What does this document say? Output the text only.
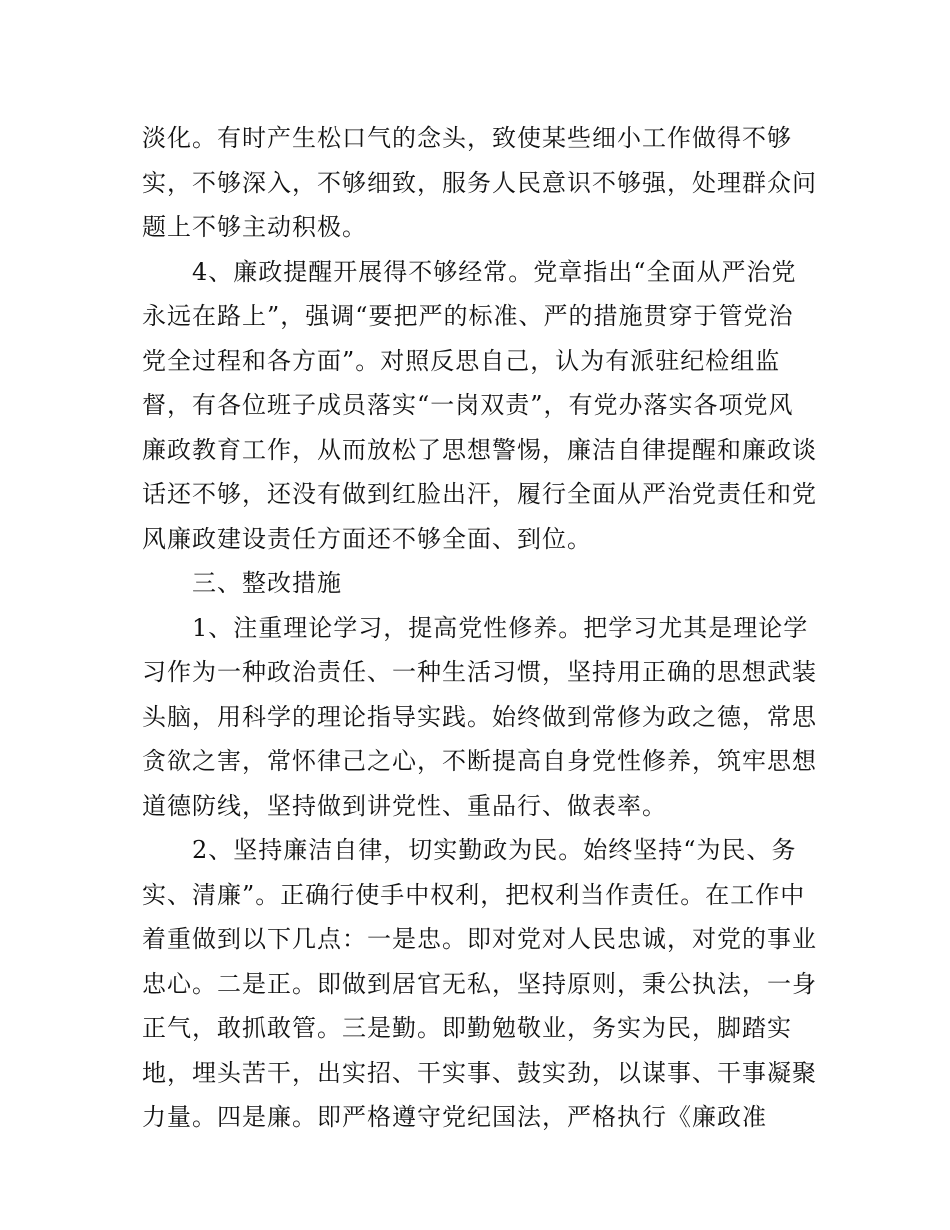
淡化。有时产生松口气的念头，致使某些细小工作做得不够
实，不够深入，不够细致，服务人民意识不够强，处理群众问
题上不够主动积极。
4、廉政提醒开展得不够经常。党章指出“全面从严治党
永远在路上”，强调“要把严的标准、严的措施贯穿于管党治
党全过程和各方面”。对照反思自己，认为有派驻纪检组监
督，有各位班子成员落实“一岗双责”，有党办落实各项党风
廉政教育工作，从而放松了思想警惕，廉洁自律提醒和廉政谈
话还不够，还没有做到红脸出汗，履行全面从严治党责任和党
风廉政建设责任方面还不够全面、到位。
三、整改措施
1、注重理论学习，提高党性修养。把学习尤其是理论学
习作为一种政治责任、一种生活习惯，坚持用正确的思想武装
头脑，用科学的理论指导实践。始终做到常修为政之德，常思
贪欲之害，常怀律己之心，不断提高自身党性修养，筑牢思想
道德防线，坚持做到讲党性、重品行、做表率。
2、坚持廉洁自律，切实勤政为民。始终坚持“为民、务
实、清廉”。正确行使手中权利，把权利当作责任。在工作中
着重做到以下几点：一是忠。即对党对人民忠诚，对党的事业
忠心。二是正。即做到居官无私，坚持原则，秉公执法，一身
正气，敢抓敢管。三是勤。即勤勉敬业，务实为民，脚踏实
地，埋头苦干，出实招、干实事、鼓实劲，以谋事、干事凝聚
力量。四是廉。即严格遵守党纪国法，严格执行《廉政准
